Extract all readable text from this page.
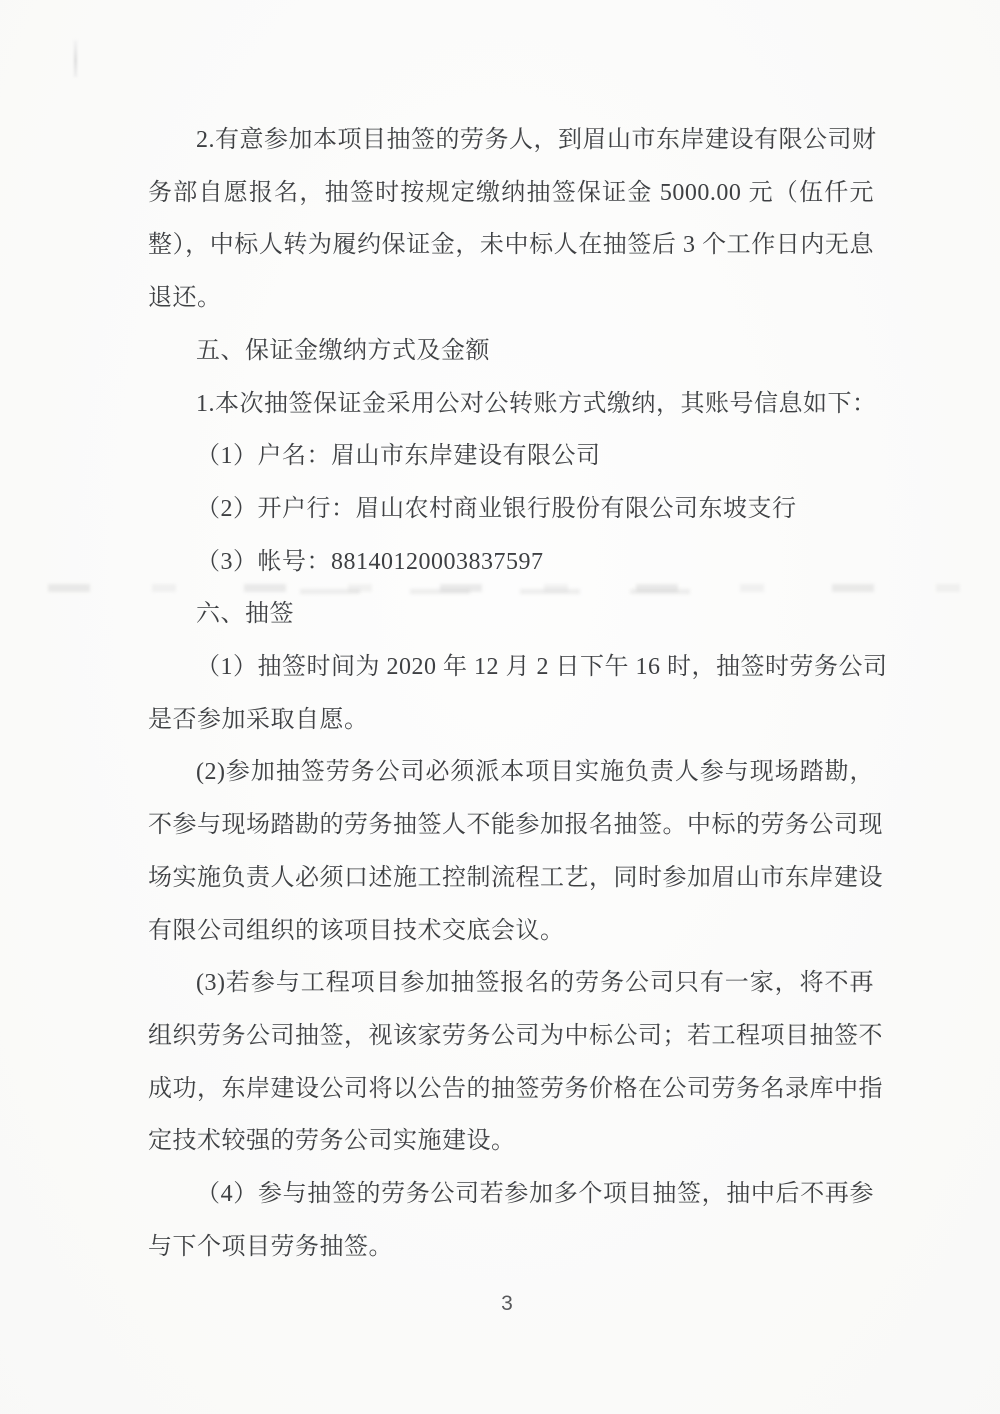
2.有意参加本项目抽签的劳务人，到眉山市东岸建设有限公司财
务部自愿报名，抽签时按规定缴纳抽签保证金 5000.00 元（伍仟元
整），中标人转为履约保证金，未中标人在抽签后 3 个工作日内无息
退还。
五、保证金缴纳方式及金额
1.本次抽签保证金采用公对公转账方式缴纳，其账号信息如下：
（1）户名：眉山市东岸建设有限公司
（2）开户行：眉山农村商业银行股份有限公司东坡支行
（3）帐号：88140120003837597
六、抽签
（1）抽签时间为 2020 年 12 月 2 日下午 16 时，抽签时劳务公司
是否参加采取自愿。
(2)参加抽签劳务公司必须派本项目实施负责人参与现场踏勘，
不参与现场踏勘的劳务抽签人不能参加报名抽签。中标的劳务公司现
场实施负责人必须口述施工控制流程工艺，同时参加眉山市东岸建设
有限公司组织的该项目技术交底会议。
(3)若参与工程项目参加抽签报名的劳务公司只有一家，将不再
组织劳务公司抽签，视该家劳务公司为中标公司；若工程项目抽签不
成功，东岸建设公司将以公告的抽签劳务价格在公司劳务名录库中指
定技术较强的劳务公司实施建设。
（4）参与抽签的劳务公司若参加多个项目抽签，抽中后不再参
与下个项目劳务抽签。
3
